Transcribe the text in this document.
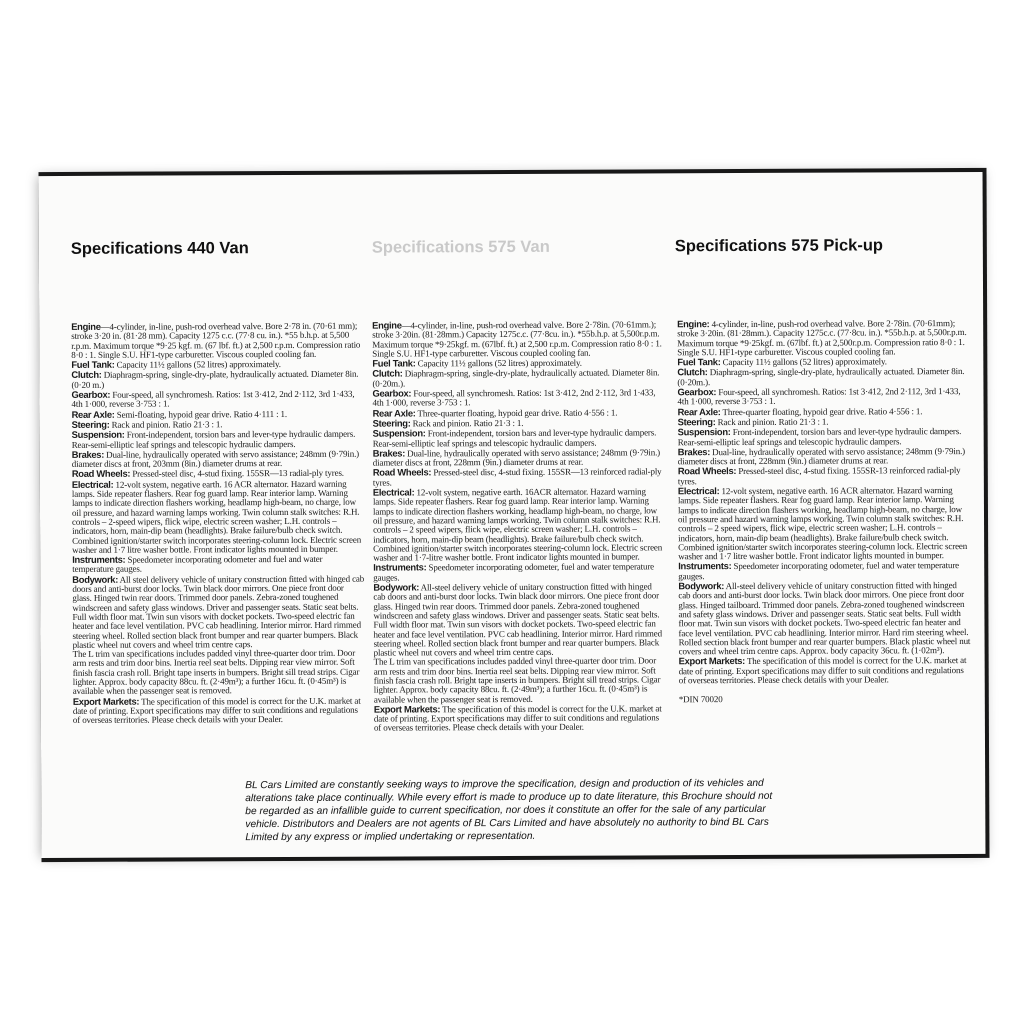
Specifications 440 Van	Specifications 575 Van	Specifications 575 Pick-up

Engine—4-cylinder, in-line, push-rod overhead valve. Bore 2·78 in. (70·61 mm); stroke 3·20 in. (81·28 mm). Capacity 1275 c.c. (77·8 cu. in.). *55 b.h.p. at 5,500 r.p.m. Maximum torque *9·25 kgf. m. (67 lbf. ft.) at 2,500 r.p.m. Compression ratio 8·0 : 1. Single S.U. HF1-type carburetter. Viscous coupled cooling fan.

Fuel Tank: Capacity 11½ gallons (52 litres) approximately.

Clutch: Diaphragm-spring, single-dry-plate, hydraulically actuated. Diameter 8in. (0·20 m.)

Gearbox: Four-speed, all synchromesh. Ratios: 1st 3·412, 2nd 2·112, 3rd 1·433, 4th 1·000, reverse 3·753 : 1.

Rear Axle: Semi-floating, hypoid gear drive. Ratio 4·111 : 1.

Steering: Rack and pinion. Ratio 21·3 : 1.

Suspension: Front-independent, torsion bars and lever-type hydraulic dampers. Rear-semi-elliptic leaf springs and telescopic hydraulic dampers.

Brakes: Dual-line, hydraulically operated with servo assistance; 248mm (9·79in.) diameter discs at front, 203mm (8in.) diameter drums at rear.

Road Wheels: Pressed-steel disc, 4-stud fixing. 155SR—13 radial-ply tyres.

Electrical: 12-volt system, negative earth. 16 ACR alternator. Hazard warning lamps. Side repeater flashers. Rear fog guard lamp. Rear interior lamp. Warning lamps to indicate direction flashers working, headlamp high-beam, no charge, low oil pressure, and hazard warning lamps working. Twin column stalk switches: R.H. controls – 2-speed wipers, flick wipe, electric screen washer; L.H. controls – indicators, horn, main-dip beam (headlights). Brake failure/bulb check switch. Combined ignition/starter switch incorporates steering-column lock. Electric screen washer and 1·7 litre washer bottle. Front indicator lights mounted in bumper.

Instruments: Speedometer incorporating odometer and fuel and water temperature gauges.

Bodywork: All steel delivery vehicle of unitary construction fitted with hinged cab doors and anti-burst door locks. Twin black door mirrors. One piece front door glass. Hinged twin rear doors. Trimmed door panels. Zebra-zoned toughened windscreen and safety glass windows. Driver and passenger seats. Static seat belts. Full width floor mat. Twin sun visors with docket pockets. Two-speed electric fan heater and face level ventilation. PVC cab headlining. Interior mirror. Hard rimmed steering wheel. Rolled section black front bumper and rear quarter bumpers. Black plastic wheel nut covers and wheel trim centre caps.

The L trim van specifications includes padded vinyl three-quarter door trim. Door arm rests and trim door bins. Inertia reel seat belts. Dipping rear view mirror. Soft finish fascia crash roll. Bright tape inserts in bumpers. Bright sill tread strips. Cigar lighter. Approx. body capacity 88cu. ft. (2·49m³); a further 16cu. ft. (0·45m³) is available when the passenger seat is removed.

Export Markets: The specification of this model is correct for the U.K. market at date of printing. Export specifications may differ to suit conditions and regulations of overseas territories. Please check details with your Dealer.

Engine—4-cylinder, in-line, push-rod overhead valve. Bore 2·78in. (70·61mm.); stroke 3·20in. (81·28mm.) Capacity 1275c.c. (77·8cu. in.). *55b.h.p. at 5,500r.p.m. Maximum torque *9·25kgf. m. (67lbf. ft.) at 2,500 r.p.m. Compression ratio 8·0 : 1. Single S.U. HF1-type carburetter. Viscous coupled cooling fan.

Fuel Tank: Capacity 11½ gallons (52 litres) approximately.

Clutch: Diaphragm-spring, single-dry-plate, hydraulically actuated. Diameter 8in. (0·20m.).

Gearbox: Four-speed, all synchromesh. Ratios: 1st 3·412, 2nd 2·112, 3rd 1·433, 4th 1·000, reverse 3·753 : 1.

Rear Axle: Three-quarter floating, hypoid gear drive. Ratio 4·556 : 1.

Steering: Rack and pinion. Ratio 21·3 : 1.

Suspension: Front-independent, torsion bars and lever-type hydraulic dampers. Rear-semi-elliptic leaf springs and telescopic hydraulic dampers.

Brakes: Dual-line, hydraulically operated with servo assistance; 248mm (9·79in.) diameter discs at front, 228mm (9in.) diameter drums at rear.

Road Wheels: Pressed-steel disc, 4-stud fixing. 155SR—13 reinforced radial-ply tyres.

Electrical: 12-volt system, negative earth. 16ACR alternator. Hazard warning lamps. Side repeater flashers. Rear fog guard lamp. Rear interior lamp. Warning lamps to indicate direction flashers working, headlamp high-beam, no charge, low oil pressure, and hazard warning lamps working. Twin column stalk switches: R.H. controls – 2 speed wipers, flick wipe, electric screen washer; L.H. controls – indicators, horn, main-dip beam (headlights). Brake failure/bulb check switch. Combined ignition/starter switch incorporates steering-column lock. Electric screen washer and 1·7-litre washer bottle. Front indicator lights mounted in bumper.

Instruments: Speedometer incorporating odometer, fuel and water temperature gauges.

Bodywork: All-steel delivery vehicle of unitary construction fitted with hinged cab doors and anti-burst door locks. Twin black door mirrors. One piece front door glass. Hinged twin rear doors. Trimmed door panels. Zebra-zoned toughened windscreen and safety glass windows. Driver and passenger seats. Static seat belts. Full width floor mat. Twin sun visors with docket pockets. Two-speed electric fan heater and face level ventilation. PVC cab headlining. Interior mirror. Hard rimmed steering wheel. Rolled section black front bumper and rear quarter bumpers. Black plastic wheel nut covers and wheel trim centre caps.

The L trim van specifications includes padded vinyl three-quarter door trim. Door arm rests and trim door bins. Inertia reel seat belts. Dipping rear view mirror. Soft finish fascia crash roll. Bright tape inserts in bumpers. Bright sill tread strips. Cigar lighter. Approx. body capacity 88cu. ft. (2·49m³); a further 16cu. ft. (0·45m³) is available when the passenger seat is removed.

Export Markets: The specification of this model is correct for the U.K. market at date of printing. Export specifications may differ to suit conditions and regulations of overseas territories. Please check details with your Dealer.

Engine: 4-cylinder, in-line, push-rod overhead valve. Bore 2·78in. (70·61mm); stroke 3·20in. (81·28mm.). Capacity 1275c.c. (77·8cu. in.). *55b.h.p. at 5,500r.p.m. Maximum torque *9·25kgf. m. (67lbf. ft.) at 2,500r.p.m. Compression ratio 8·0 : 1. Single S.U. HF1-type carburetter. Viscous coupled cooling fan.

Fuel Tank: Capacity 11½ gallons (52 litres) approximately.

Clutch: Diaphragm-spring, single-dry-plate, hydraulically actuated. Diameter 8in. (0·20m.).

Gearbox: Four-speed, all synchromesh. Ratios: 1st 3·412, 2nd 2·112, 3rd 1·433, 4th 1·000, reverse 3·753 : 1.

Rear Axle: Three-quarter floating, hypoid gear drive. Ratio 4·556 : 1.

Steering: Rack and pinion. Ratio 21·3 : 1.

Suspension: Front-independent, torsion bars and lever-type hydraulic dampers. Rear-semi-elliptic leaf springs and telescopic hydraulic dampers.

Brakes: Dual-line, hydraulically operated with servo assistance; 248mm (9·79in.) diameter discs at front, 228mm (9in.) diameter drums at rear.

Road Wheels: Pressed-steel disc, 4-stud fixing. 155SR-13 reinforced radial-ply tyres.

Electrical: 12-volt system, negative earth. 16 ACR alternator. Hazard warning lamps. Side repeater flashers. Rear fog guard lamp. Rear interior lamp. Warning lamps to indicate direction flashers working, headlamp high-beam, no charge, low oil pressure and hazard warning lamps working. Twin column stalk switches: R.H. controls – 2 speed wipers, flick wipe, electric screen washer; L.H. controls – indicators, horn, main-dip beam (headlights). Brake failure/bulb check switch. Combined ignition/starter switch incorporates steering-column lock. Electric screen washer and 1·7 litre washer bottle. Front indicator lights mounted in bumper.

Instruments: Speedometer incorporating odometer, fuel and water temperature gauges.

Bodywork: All-steel delivery vehicle of unitary construction fitted with hinged cab doors and anti-burst door locks. Twin black door mirrors. One piece front door glass. Hinged tailboard. Trimmed door panels. Zebra-zoned toughened windscreen and safety glass windows. Driver and passenger seats. Static seat belts. Full width floor mat. Twin sun visors with docket pockets. Two-speed electric fan heater and face level ventilation. PVC cab headlining. Interior mirror. Hard rim steering wheel. Rolled section black front bumper and rear quarter bumpers. Black plastic wheel nut covers and wheel trim centre caps. Approx. body capacity 36cu. ft. (1·02m³).

Export Markets: The specification of this model is correct for the U.K. market at date of printing. Export specifications may differ to suit conditions and regulations of overseas territories. Please check details with your Dealer.

*DIN 70020

BL Cars Limited are constantly seeking ways to improve the specification, design and production of its vehicles and alterations take place continually. While every effort is made to produce up to date literature, this Brochure should not be regarded as an infallible guide to current specification, nor does it constitute an offer for the sale of any particular vehicle. Distributors and Dealers are not agents of BL Cars Limited and have absolutely no authority to bind BL Cars Limited by any express or implied undertaking or representation.
